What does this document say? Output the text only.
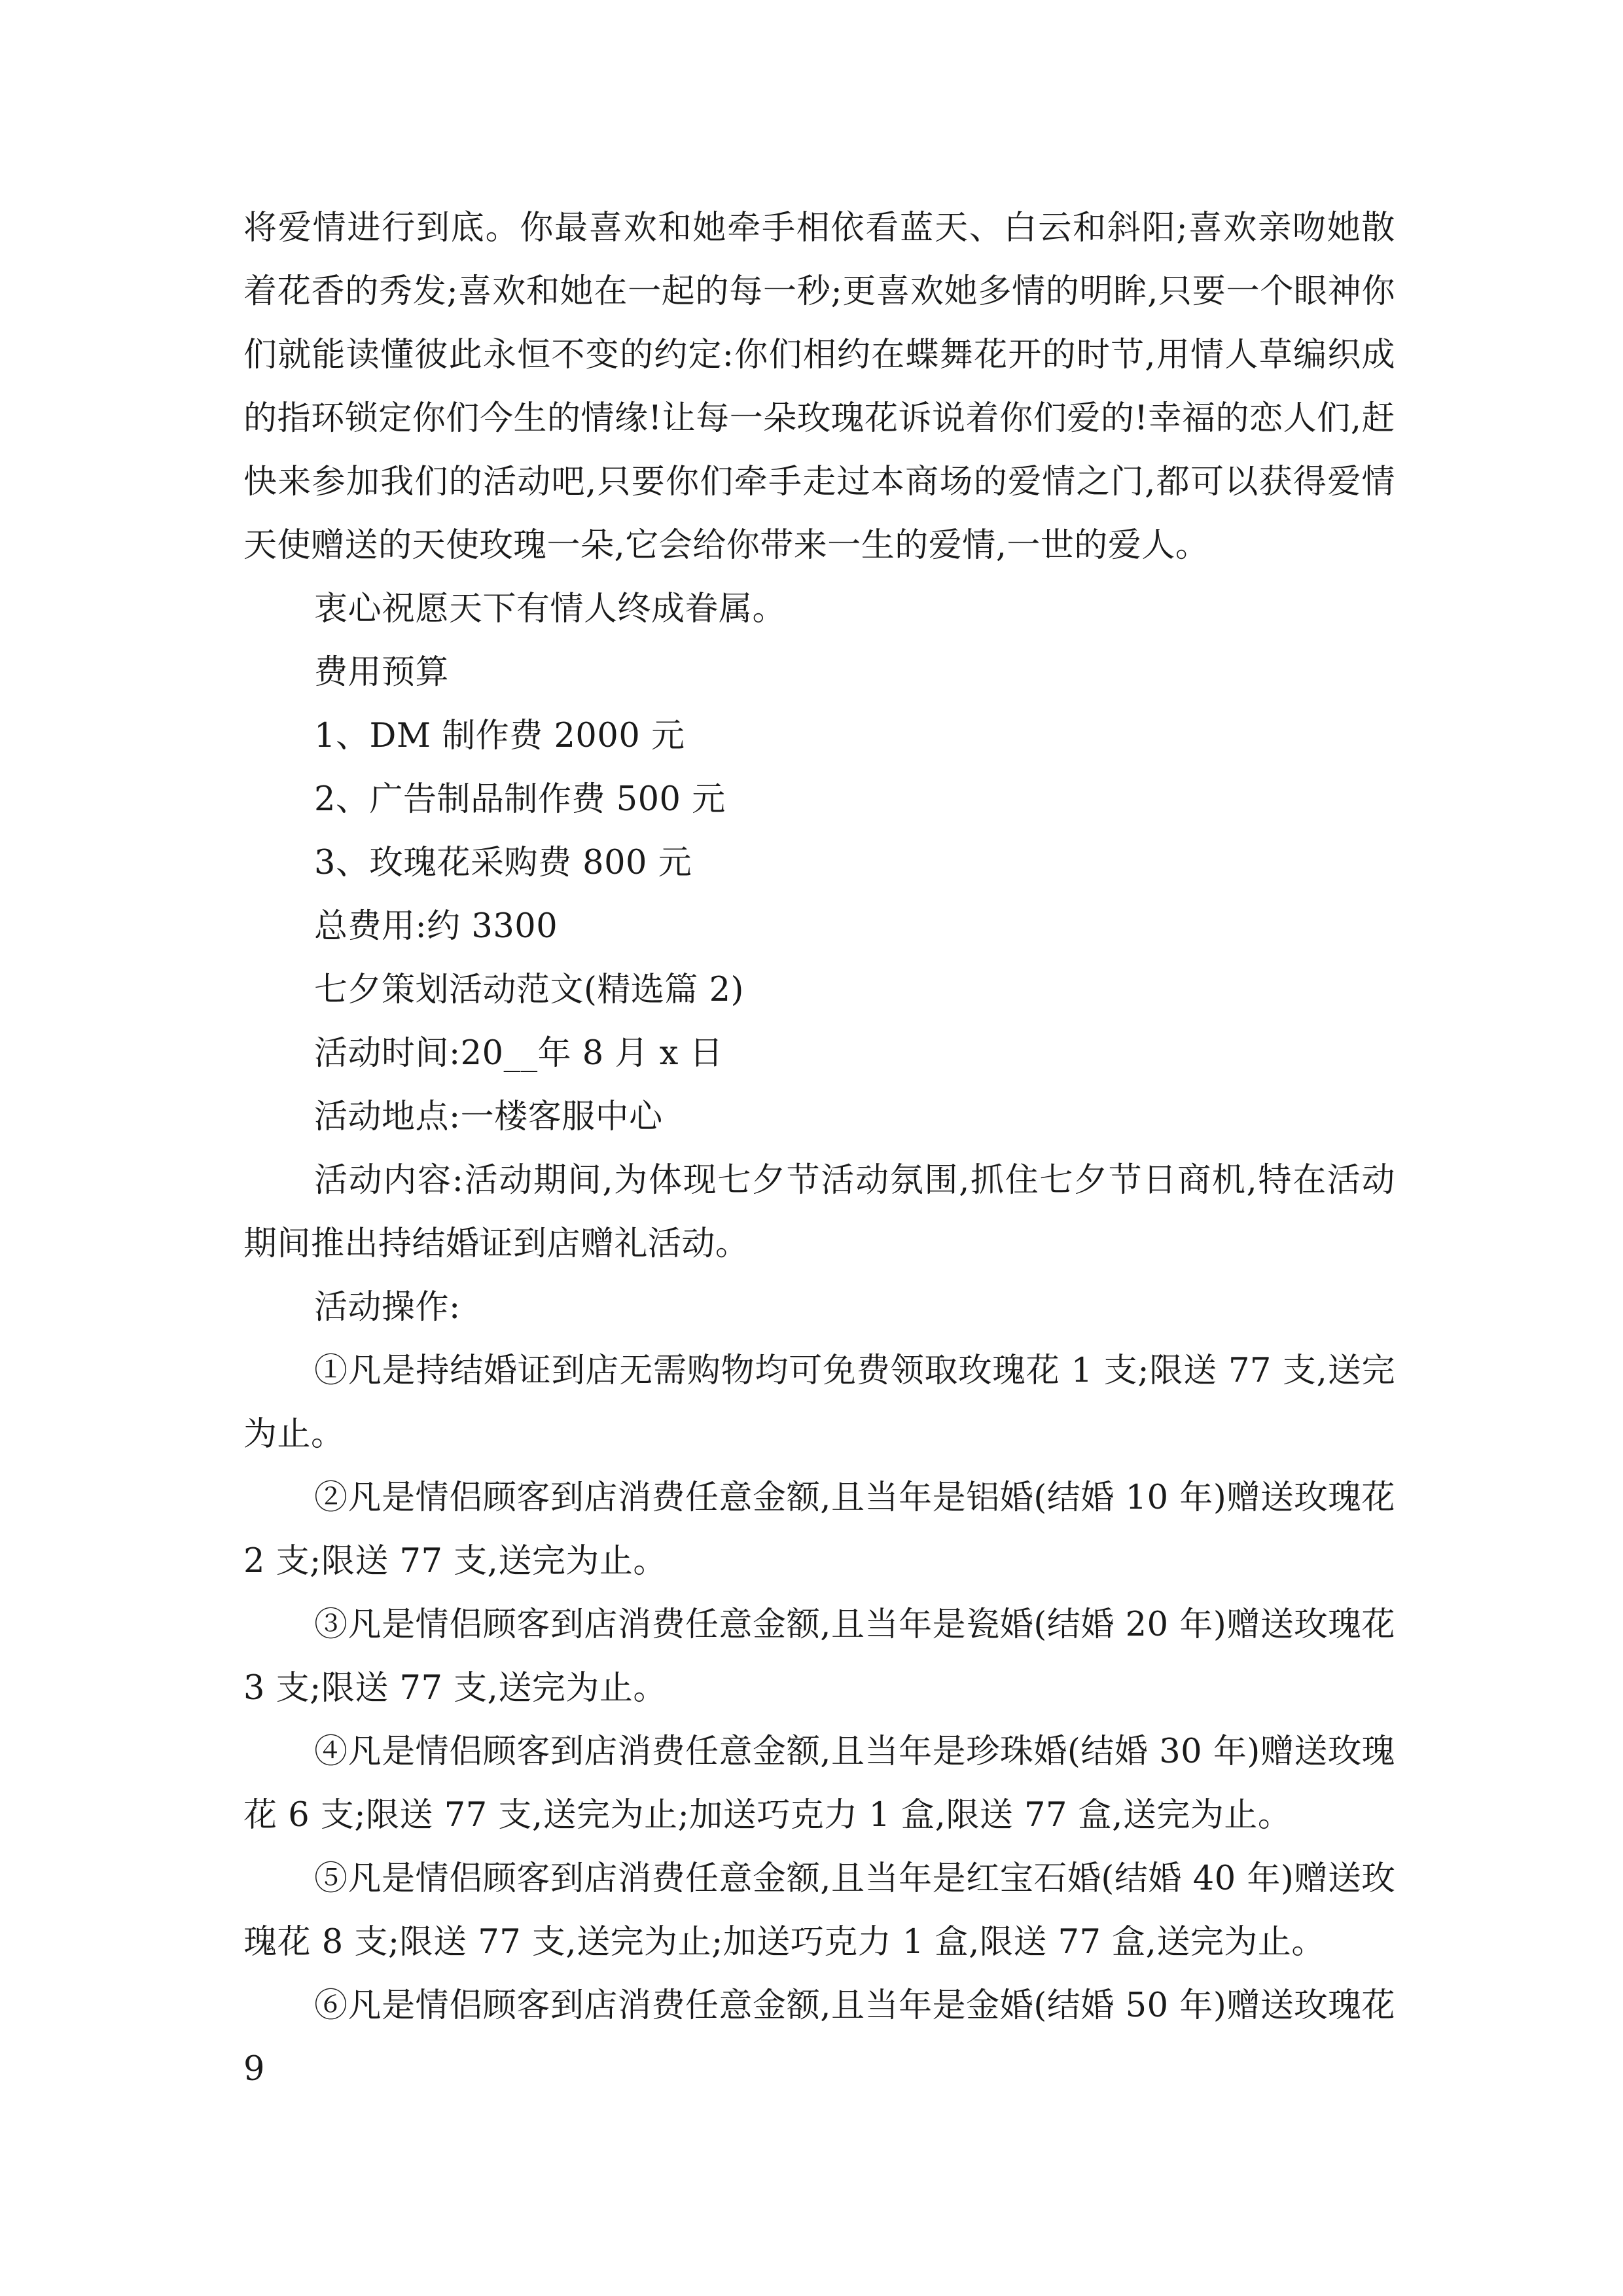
将爱情进行到底。你最喜欢和她牵手相依看蓝天、白云和斜阳;喜欢亲吻她散着花香的秀发;喜欢和她在一起的每一秒;更喜欢她多情的明眸,只要一个眼神你们就能读懂彼此永恒不变的约定:你们相约在蝶舞花开的时节,用情人草编织成的指环锁定你们今生的情缘!让每一朵玫瑰花诉说着你们爱的!幸福的恋人们,赶快来参加我们的活动吧,只要你们牵手走过本商场的爱情之门,都可以获得爱情天使赠送的天使玫瑰一朵,它会给你带来一生的爱情,一世的爱人。

衷心祝愿天下有情人终成眷属。

费用预算

1、DM 制作费 2000 元

2、广告制品制作费 500 元

3、玫瑰花采购费 800 元

总费用:约 3300

七夕策划活动范文(精选篇 2)

活动时间:20__年 8 月 x 日

活动地点:一楼客服中心

活动内容:活动期间,为体现七夕节活动氛围,抓住七夕节日商机,特在活动期间推出持结婚证到店赠礼活动。

活动操作:

①凡是持结婚证到店无需购物均可免费领取玫瑰花 1 支;限送 77 支,送完为止。

②凡是情侣顾客到店消费任意金额,且当年是铝婚(结婚 10 年)赠送玫瑰花 2 支;限送 77 支,送完为止。

③凡是情侣顾客到店消费任意金额,且当年是瓷婚(结婚 20 年)赠送玫瑰花 3 支;限送 77 支,送完为止。

④凡是情侣顾客到店消费任意金额,且当年是珍珠婚(结婚 30 年)赠送玫瑰花 6 支;限送 77 支,送完为止;加送巧克力 1 盒,限送 77 盒,送完为止。

⑤凡是情侣顾客到店消费任意金额,且当年是红宝石婚(结婚 40 年)赠送玫瑰花 8 支;限送 77 支,送完为止;加送巧克力 1 盒,限送 77 盒,送完为止。

⑥凡是情侣顾客到店消费任意金额,且当年是金婚(结婚 50 年)赠送玫瑰花 9
